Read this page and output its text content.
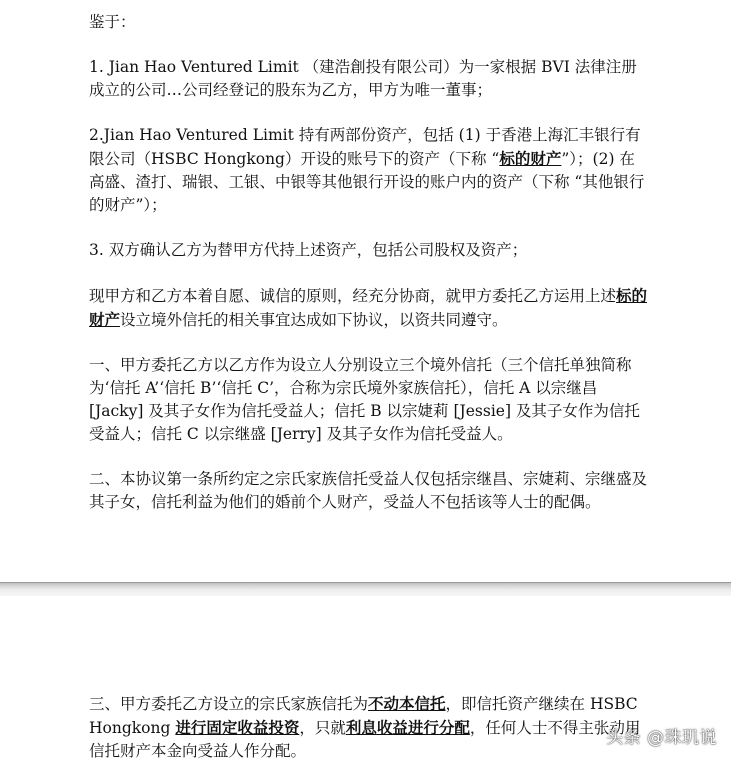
鉴于：

1. Jian Hao Ventured Limit （建浩創投有限公司）为一家根据 BVI 法律注册成立的公司…公司经登记的股东为乙方，甲方为唯一董事；

2.Jian Hao Ventured Limit 持有两部份资产，包括 (1) 于香港上海汇丰银行有限公司（HSBC Hongkong）开设的账号下的资产（下称 “标的财产”）；(2) 在高盛、渣打、瑞银、工银、中银等其他银行开设的账户内的资产（下称 “其他银行的财产”）；

3. 双方确认乙方为替甲方代持上述资产，包括公司股权及资产；

现甲方和乙方本着自愿、诚信的原则，经充分协商，就甲方委托乙方运用上述标的财产设立境外信托的相关事宜达成如下协议，以资共同遵守。

一、甲方委托乙方以乙方作为设立人分别设立三个境外信托（三个信托单独简称为‘信托 A’‘信托 B’‘信托 C’，合称为宗氏境外家族信托），信托 A 以宗继昌 [Jacky] 及其子女作为信托受益人；信托 B 以宗婕莉 [Jessie] 及其子女作为信托受益人；信托 C 以宗继盛 [Jerry] 及其子女作为信托受益人。

二、本协议第一条所约定之宗氏家族信托受益人仅包括宗继昌、宗婕莉、宗继盛及其子女，信托利益为他们的婚前个人财产，受益人不包括该等人士的配偶。

三、甲方委托乙方设立的宗氏家族信托为不动本信托，即信托资产继续在 HSBC Hongkong 进行固定收益投资，只就利息收益进行分配，任何人士不得主张动用信托财产本金向受益人作分配。

头条 @珠玑说
